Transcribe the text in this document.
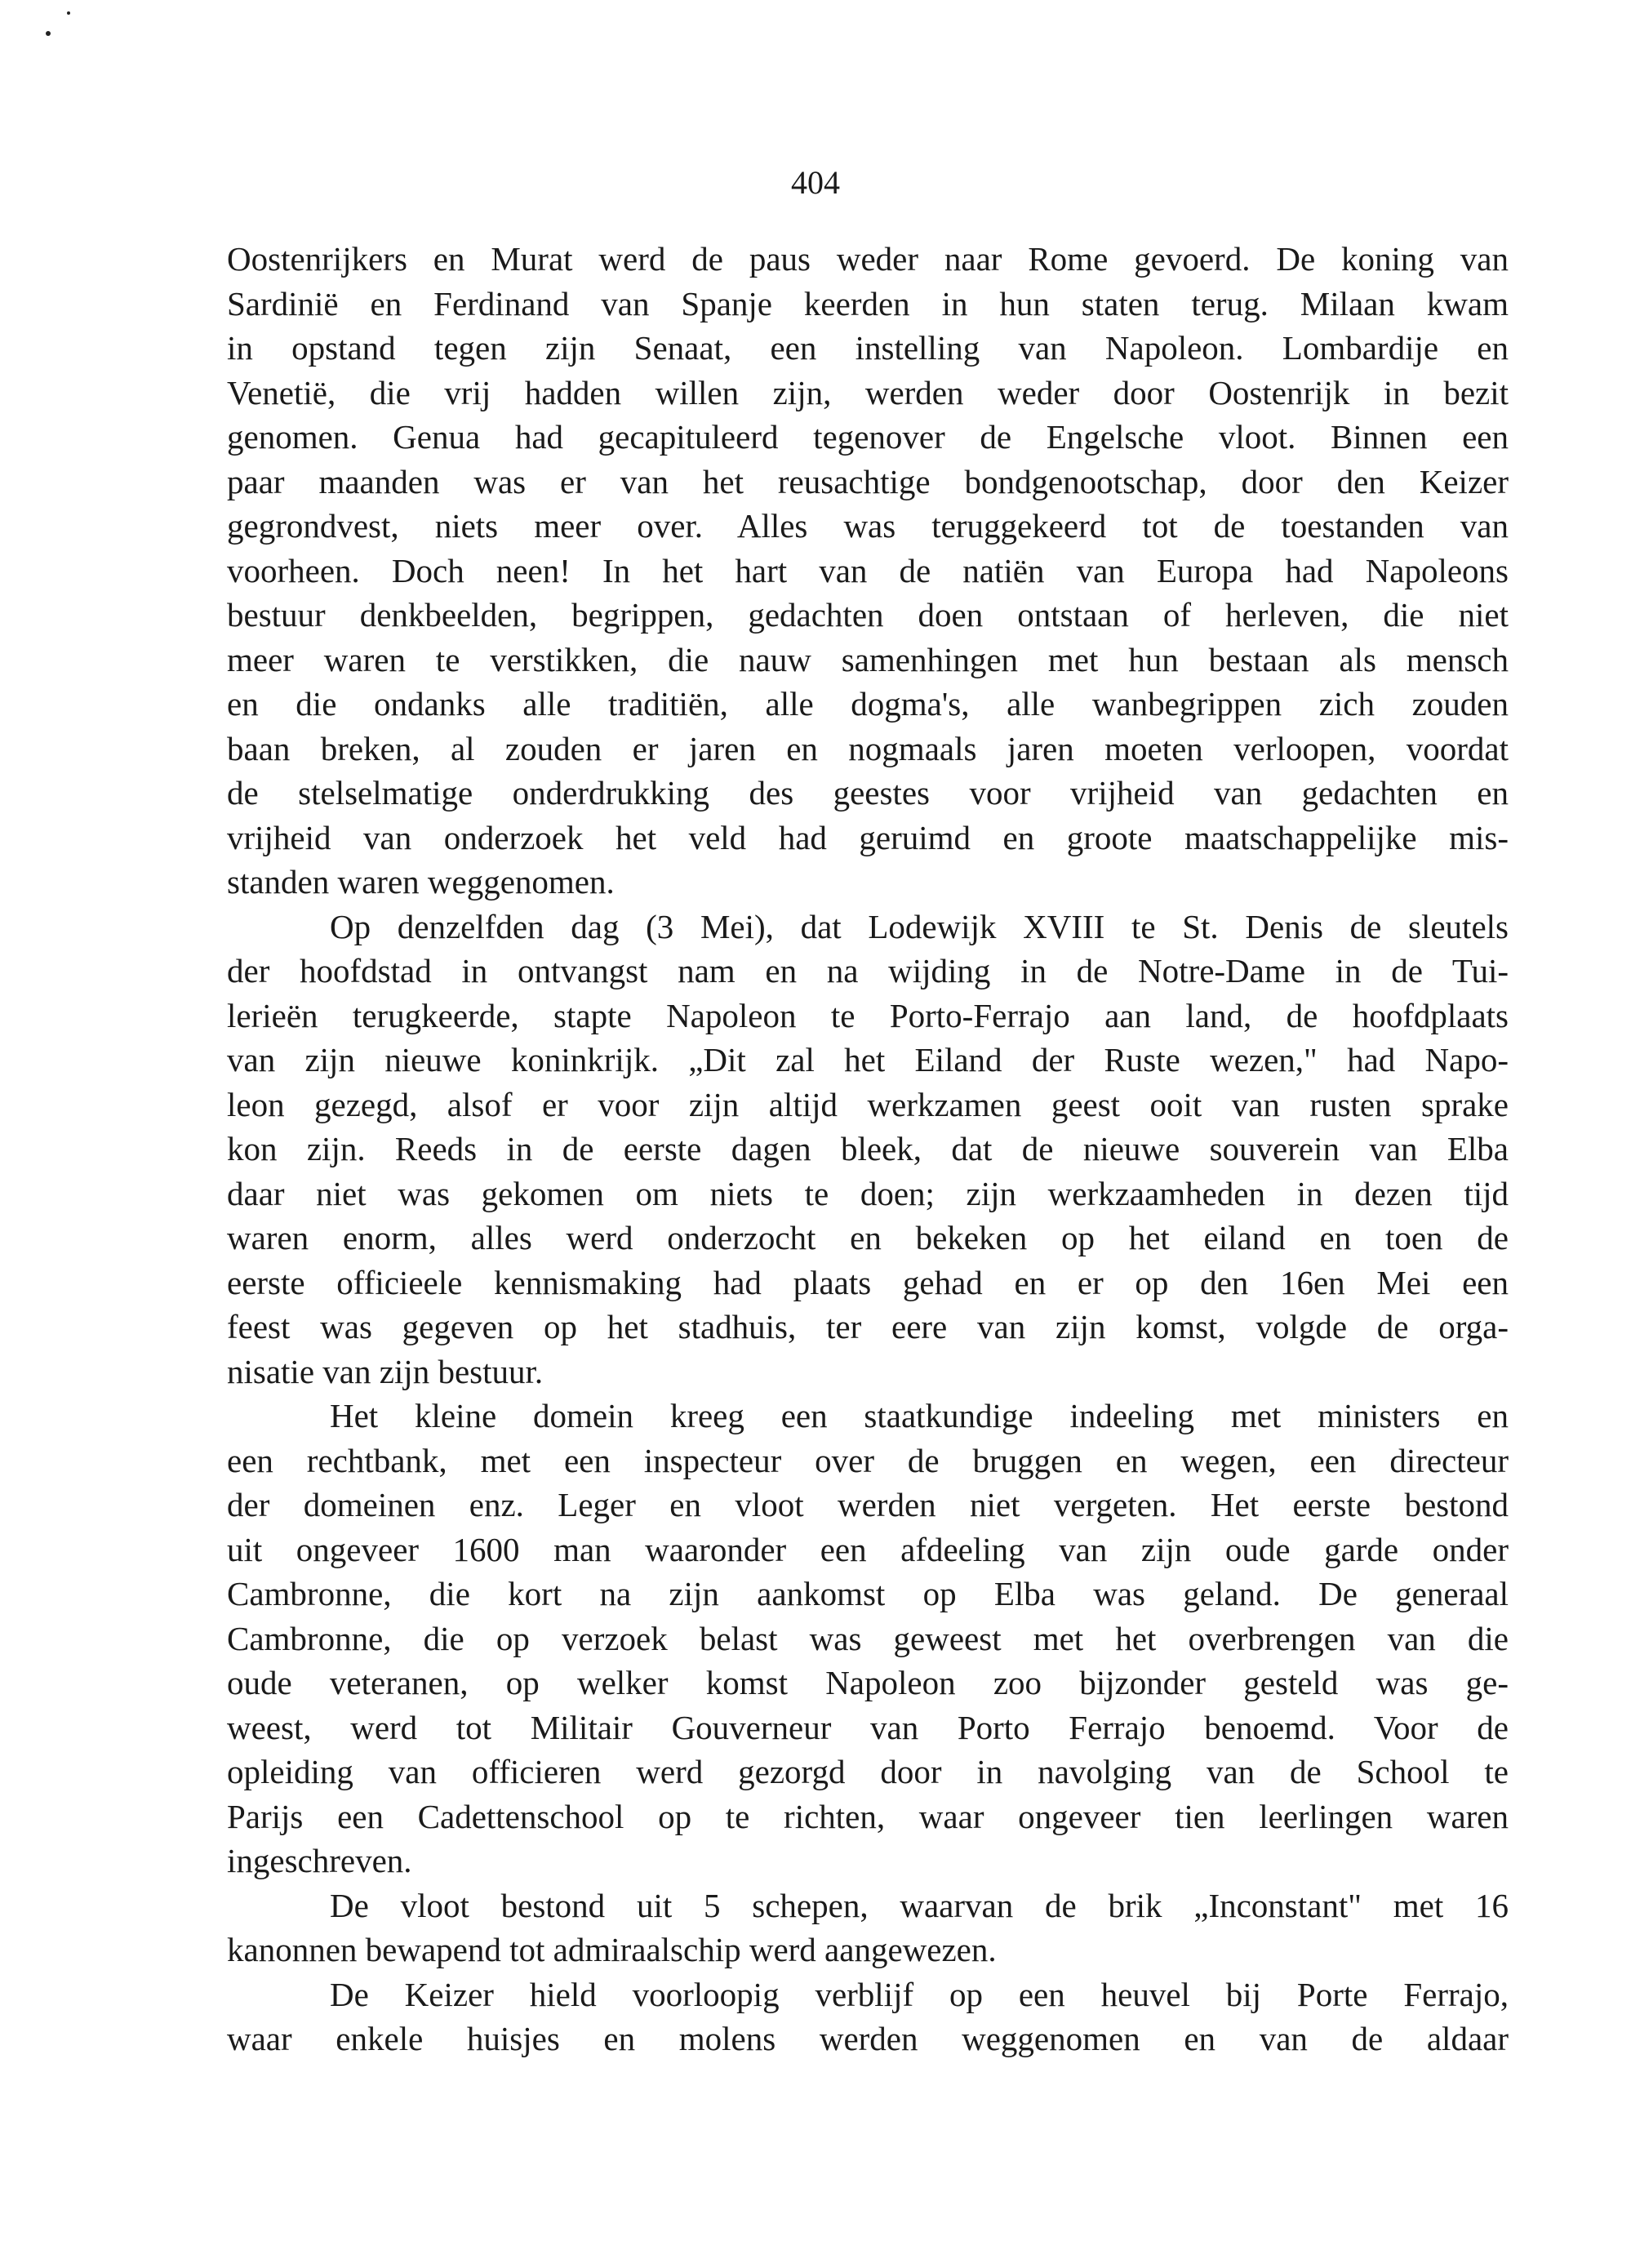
404
Oostenrijkers en Murat werd de paus weder naar Rome gevoerd. De koning van
Sardinië en Ferdinand van Spanje keerden in hun staten terug. Milaan kwam
in opstand tegen zijn Senaat, een instelling van Napoleon. Lombardije en
Venetië, die vrij hadden willen zijn, werden weder door Oostenrijk in bezit
genomen. Genua had gecapituleerd tegenover de Engelsche vloot. Binnen een
paar maanden was er van het reusachtige bondgenootschap, door den Keizer
gegrondvest, niets meer over. Alles was teruggekeerd tot de toestanden van
voorheen. Doch neen! In het hart van de natiën van Europa had Napoleons
bestuur denkbeelden, begrippen, gedachten doen ontstaan of herleven, die niet
meer waren te verstikken, die nauw samenhingen met hun bestaan als mensch
en die ondanks alle traditiën, alle dogma's, alle wanbegrippen zich zouden
baan breken, al zouden er jaren en nogmaals jaren moeten verloopen, voordat
de stelselmatige onderdrukking des geestes voor vrijheid van gedachten en
vrijheid van onderzoek het veld had geruimd en groote maatschappelijke mis-
standen waren weggenomen.
Op denzelfden dag (3 Mei), dat Lodewijk XVIII te St. Denis de sleutels
der hoofdstad in ontvangst nam en na wijding in de Notre-Dame in de Tui-
lerieën terugkeerde, stapte Napoleon te Porto-Ferrajo aan land, de hoofdplaats
van zijn nieuwe koninkrijk. „Dit zal het Eiland der Ruste wezen," had Napo-
leon gezegd, alsof er voor zijn altijd werkzamen geest ooit van rusten sprake
kon zijn. Reeds in de eerste dagen bleek, dat de nieuwe souverein van Elba
daar niet was gekomen om niets te doen; zijn werkzaamheden in dezen tijd
waren enorm, alles werd onderzocht en bekeken op het eiland en toen de
eerste officieele kennismaking had plaats gehad en er op den 16en Mei een
feest was gegeven op het stadhuis, ter eere van zijn komst, volgde de orga-
nisatie van zijn bestuur.
Het kleine domein kreeg een staatkundige indeeling met ministers en
een rechtbank, met een inspecteur over de bruggen en wegen, een directeur
der domeinen enz. Leger en vloot werden niet vergeten. Het eerste bestond
uit ongeveer 1600 man waaronder een afdeeling van zijn oude garde onder
Cambronne, die kort na zijn aankomst op Elba was geland. De generaal
Cambronne, die op verzoek belast was geweest met het overbrengen van die
oude veteranen, op welker komst Napoleon zoo bijzonder gesteld was ge-
weest, werd tot Militair Gouverneur van Porto Ferrajo benoemd. Voor de
opleiding van officieren werd gezorgd door in navolging van de School te
Parijs een Cadettenschool op te richten, waar ongeveer tien leerlingen waren
ingeschreven.
De vloot bestond uit 5 schepen, waarvan de brik „Inconstant" met 16
kanonnen bewapend tot admiraalschip werd aangewezen.
De Keizer hield voorloopig verblijf op een heuvel bij Porte Ferrajo,
waar enkele huisjes en molens werden weggenomen en van de aldaar
